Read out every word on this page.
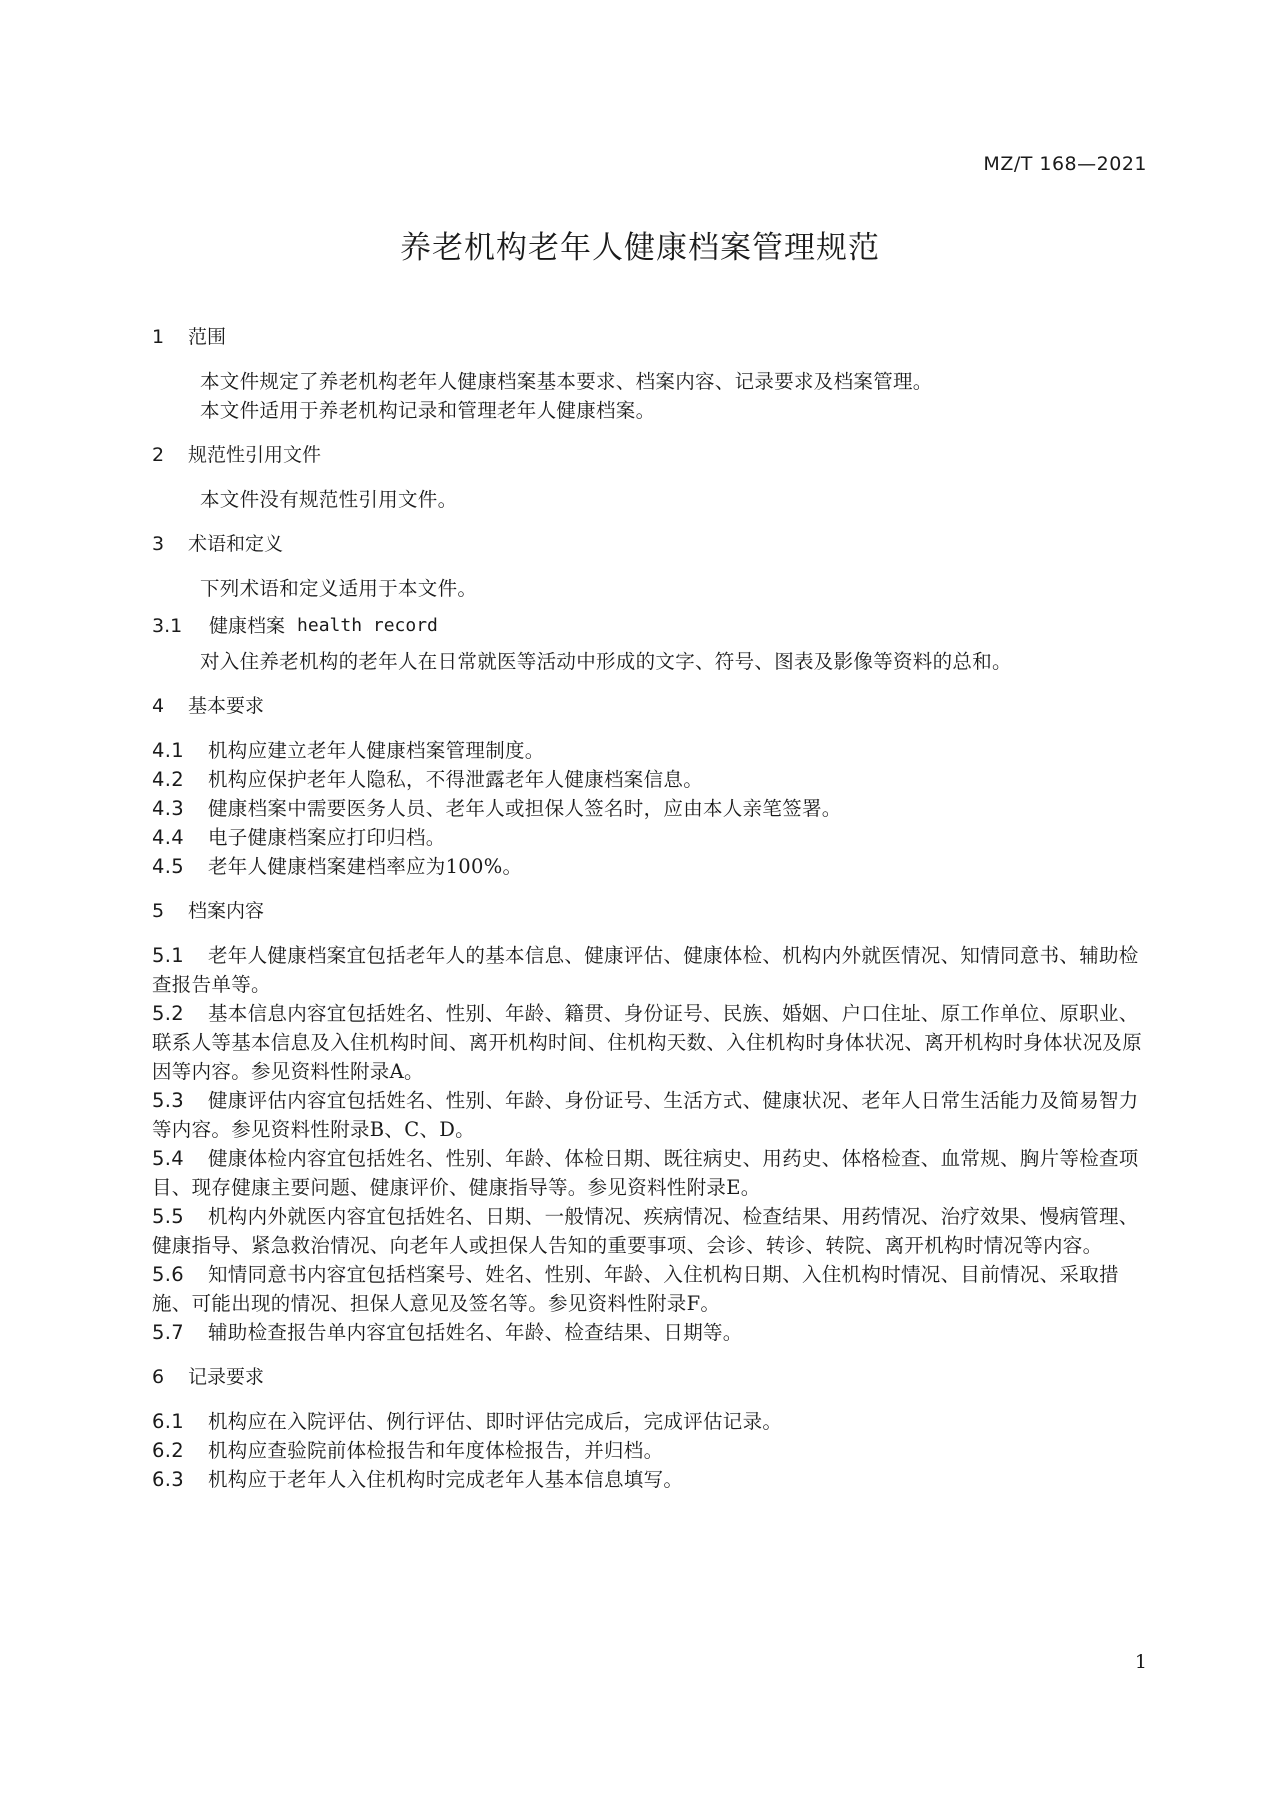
MZ/T 168—2021
养老机构老年人健康档案管理规范
1	范围
本文件规定了养老机构老年人健康档案基本要求、档案内容、记录要求及档案管理。
本文件适用于养老机构记录和管理老年人健康档案。
2	规范性引用文件
本文件没有规范性引用文件。
3	术语和定义
下列术语和定义适用于本文件。
3.1	健康档案 health record
对入住养老机构的老年人在日常就医等活动中形成的文字、符号、图表及影像等资料的总和。
4	基本要求
4.1 机构应建立老年人健康档案管理制度。
4.2 机构应保护老年人隐私，不得泄露老年人健康档案信息。
4.3 健康档案中需要医务人员、老年人或担保人签名时，应由本人亲笔签署。
4.4 电子健康档案应打印归档。
4.5 老年人健康档案建档率应为100%。
5	档案内容
5.1 老年人健康档案宜包括老年人的基本信息、健康评估、健康体检、机构内外就医情况、知情同意书、辅助检查报告单等。
5.2 基本信息内容宜包括姓名、性别、年龄、籍贯、身份证号、民族、婚姻、户口住址、原工作单位、原职业、联系人等基本信息及入住机构时间、离开机构时间、住机构天数、入住机构时身体状况、离开机构时身体状况及原因等内容。参见资料性附录A。
5.3 健康评估内容宜包括姓名、性别、年龄、身份证号、生活方式、健康状况、老年人日常生活能力及简易智力等内容。参见资料性附录B、C、D。
5.4 健康体检内容宜包括姓名、性别、年龄、体检日期、既往病史、用药史、体格检查、血常规、胸片等检查项目、现存健康主要问题、健康评价、健康指导等。参见资料性附录E。
5.5 机构内外就医内容宜包括姓名、日期、一般情况、疾病情况、检查结果、用药情况、治疗效果、慢病管理、健康指导、紧急救治情况、向老年人或担保人告知的重要事项、会诊、转诊、转院、离开机构时情况等内容。
5.6 知情同意书内容宜包括档案号、姓名、性别、年龄、入住机构日期、入住机构时情况、目前情况、采取措施、可能出现的情况、担保人意见及签名等。参见资料性附录F。
5.7 辅助检查报告单内容宜包括姓名、年龄、检查结果、日期等。
6	记录要求
6.1 机构应在入院评估、例行评估、即时评估完成后，完成评估记录。
6.2 机构应查验院前体检报告和年度体检报告，并归档。
6.3 机构应于老年人入住机构时完成老年人基本信息填写。
1
